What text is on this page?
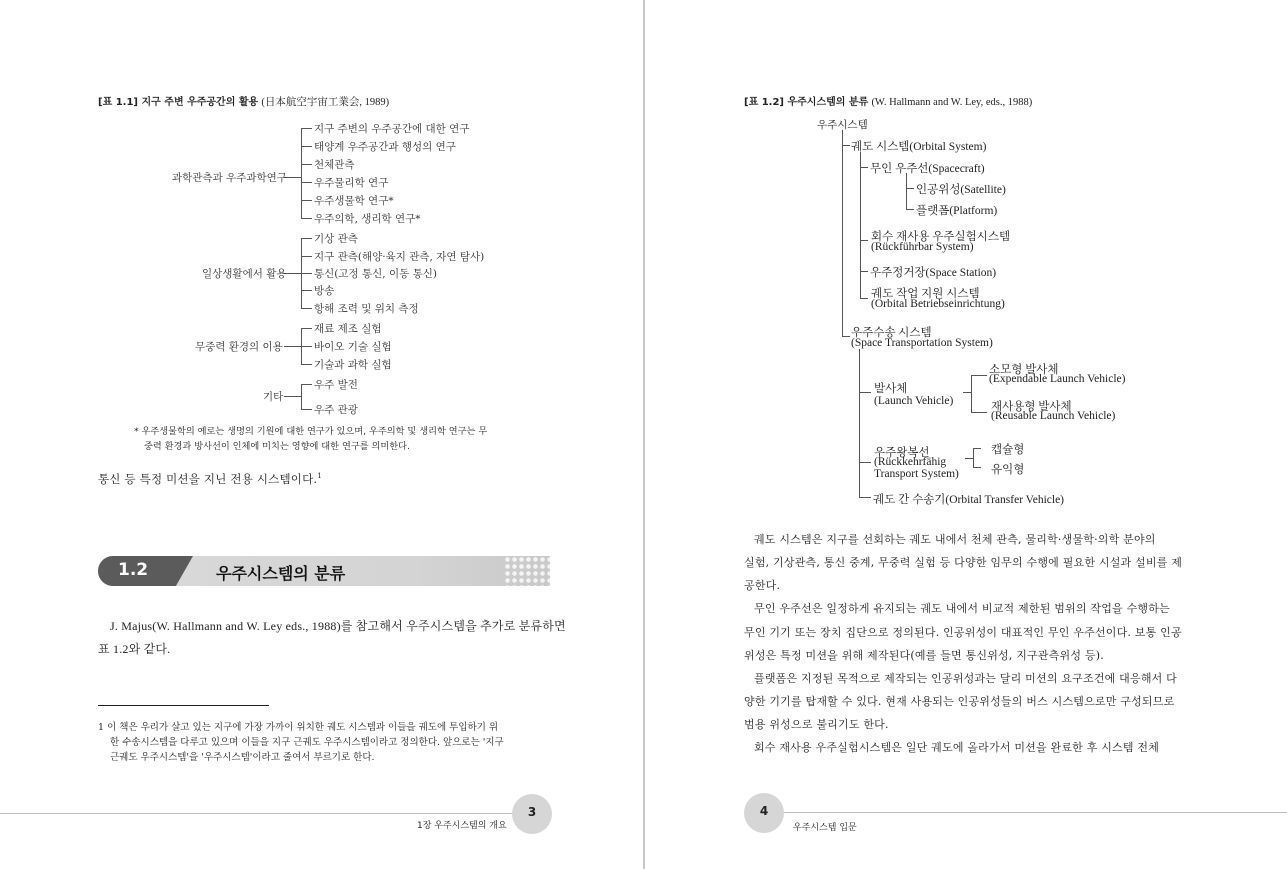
[표 1.1] 지구 주변 우주공간의 활용 (日本航空宇宙工業会, 1989)
과학관측과 우주과학연구
일상생활에서 활용
무중력 환경의 이용
기타
지구 주변의 우주공간에 대한 연구
태양계 우주공간과 행성의 연구
천체관측
우주물리학 연구
우주생물학 연구*
우주의학, 생리학 연구*
기상 관측
지구 관측(해양·육지 관측, 자연 탐사)
통신(고정 통신, 이동 통신)
방송
항해 조력 및 위치 측정
재료 제조 실험
바이오 기술 실험
기술과 과학 실험
우주 발전
우주 관광
* 우주생물학의 예로는 생명의 기원에 대한 연구가 있으며, 우주의학 및 생리학 연구는 무
중력 환경과 방사선이 인체에 미치는 영향에 대한 연구를 의미한다.
통신 등 특정 미션을 지닌 전용 시스템이다.$^1$
1.2	우주시스템의 분류
J. Majus(W. Hallmann and W. Ley eds., 1988)를 참고해서 우주시스템을 추가로 분류하면
표 1.2와 같다.
1 이 책은 우리가 살고 있는 지구에 가장 가까이 위치한 궤도 시스템과 이들을 궤도에 투입하기 위
한 수송시스템을 다루고 있으며 이들을 지구 근궤도 우주시스템이라고 정의한다. 앞으로는 '지구
근궤도 우주시스템'을 '우주시스템'이라고 줄여서 부르기로 한다.
1장 우주시스템의 개요
3
[표 1.2] 우주시스템의 분류 (W. Hallmann and W. Ley, eds., 1988)
우주시스템
궤도 시스템(Orbital System)
무인 우주선(Spacecraft)
인공위성(Satellite)
플랫폼(Platform)
회수 재사용 우주실험시스템
(Rückführbar System)
우주정거장(Space Station)
궤도 작업 지원 시스템
(Orbital Betriebseinrichtung)
우주수송 시스템
(Space Transportation System)
발사체
(Launch Vehicle)
소모형 발사체
(Expendable Launch Vehicle)
재사용형 발사체
(Reusable Launch Vehicle)
우주왕복선
(Rückkehrfähig
Transport System)
캡슐형
유익형
궤도 간 수송기(Orbital Transfer Vehicle)
궤도 시스템은 지구를 선회하는 궤도 내에서 천체 관측, 물리학·생물학·의학 분야의
실험, 기상관측, 통신 중계, 무중력 실험 등 다양한 임무의 수행에 필요한 시설과 설비를 제
공한다.
무인 우주선은 일정하게 유지되는 궤도 내에서 비교적 제한된 범위의 작업을 수행하는
무인 기기 또는 장치 집단으로 정의된다. 인공위성이 대표적인 무인 우주선이다. 보통 인공
위성은 특정 미션을 위해 제작된다(예를 들면 통신위성, 지구관측위성 등).
플랫폼은 지정된 목적으로 제작되는 인공위성과는 달리 미션의 요구조건에 대응해서 다
양한 기기를 탑재할 수 있다. 현재 사용되는 인공위성들의 버스 시스템으로만 구성되므로
범용 위성으로 불리기도 한다.
회수 재사용 우주실험시스템은 일단 궤도에 올라가서 미션을 완료한 후 시스템 전체
4
우주시스템 입문
